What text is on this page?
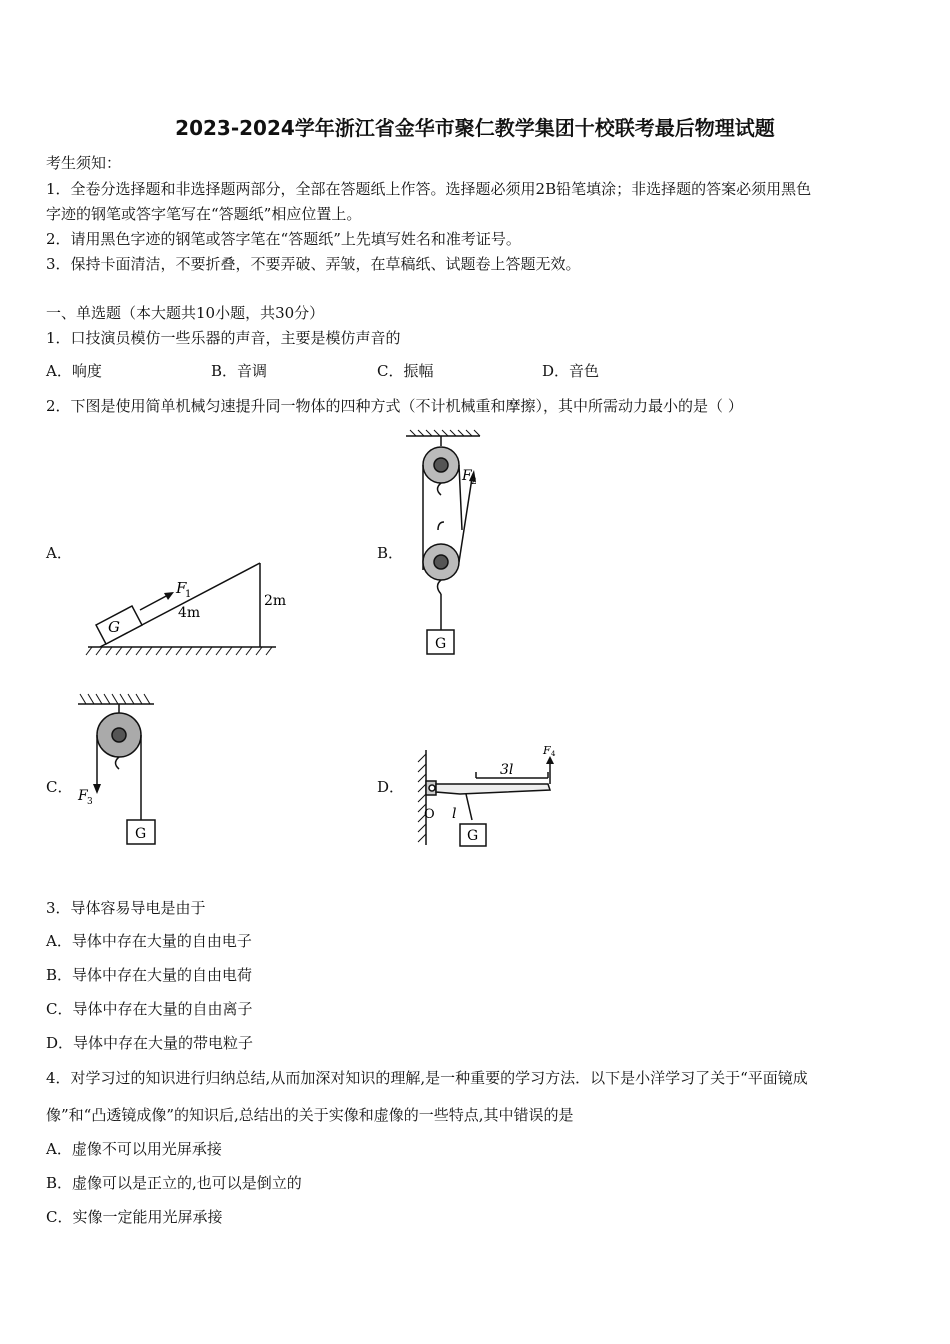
2023-2024学年浙江省金华市聚仁教学集团十校联考最后物理试题
考生须知：
1．全卷分选择题和非选择题两部分，全部在答题纸上作答。选择题必须用2B铅笔填涂；非选择题的答案必须用黑色
字迹的钢笔或答字笔写在“答题纸”相应位置上。
2．请用黑色字迹的钢笔或答字笔在“答题纸”上先填写姓名和准考证号。
3．保持卡面清洁，不要折叠，不要弄破、弄皱，在草稿纸、试题卷上答题无效。
一、单选题（本大题共10小题，共30分）
1．口技演员模仿一些乐器的声音，主要是模仿声音的
A．响度	B．音调	C．振幅	D．音色
2．下图是使用简单机械匀速提升同一物体的四种方式（不计机械重和摩擦），其中所需动力最小的是（ ）
A．	B．
C．	D．
G
F
1
4m
2m
F 2
G
F 3
G
3l
F 4
O l
G
3．导体容易导电是由于
A．导体中存在大量的自由电子
B．导体中存在大量的自由电荷
C．导体中存在大量的自由离子
D．导体中存在大量的带电粒子
4．对学习过的知识进行归纳总结,从而加深对知识的理解,是一种重要的学习方法．以下是小洋学习了关于“平面镜成
像”和“凸透镜成像”的知识后,总结出的关于实像和虚像的一些特点,其中错误的是
A．虚像不可以用光屏承接
B．虚像可以是正立的,也可以是倒立的
C．实像一定能用光屏承接
